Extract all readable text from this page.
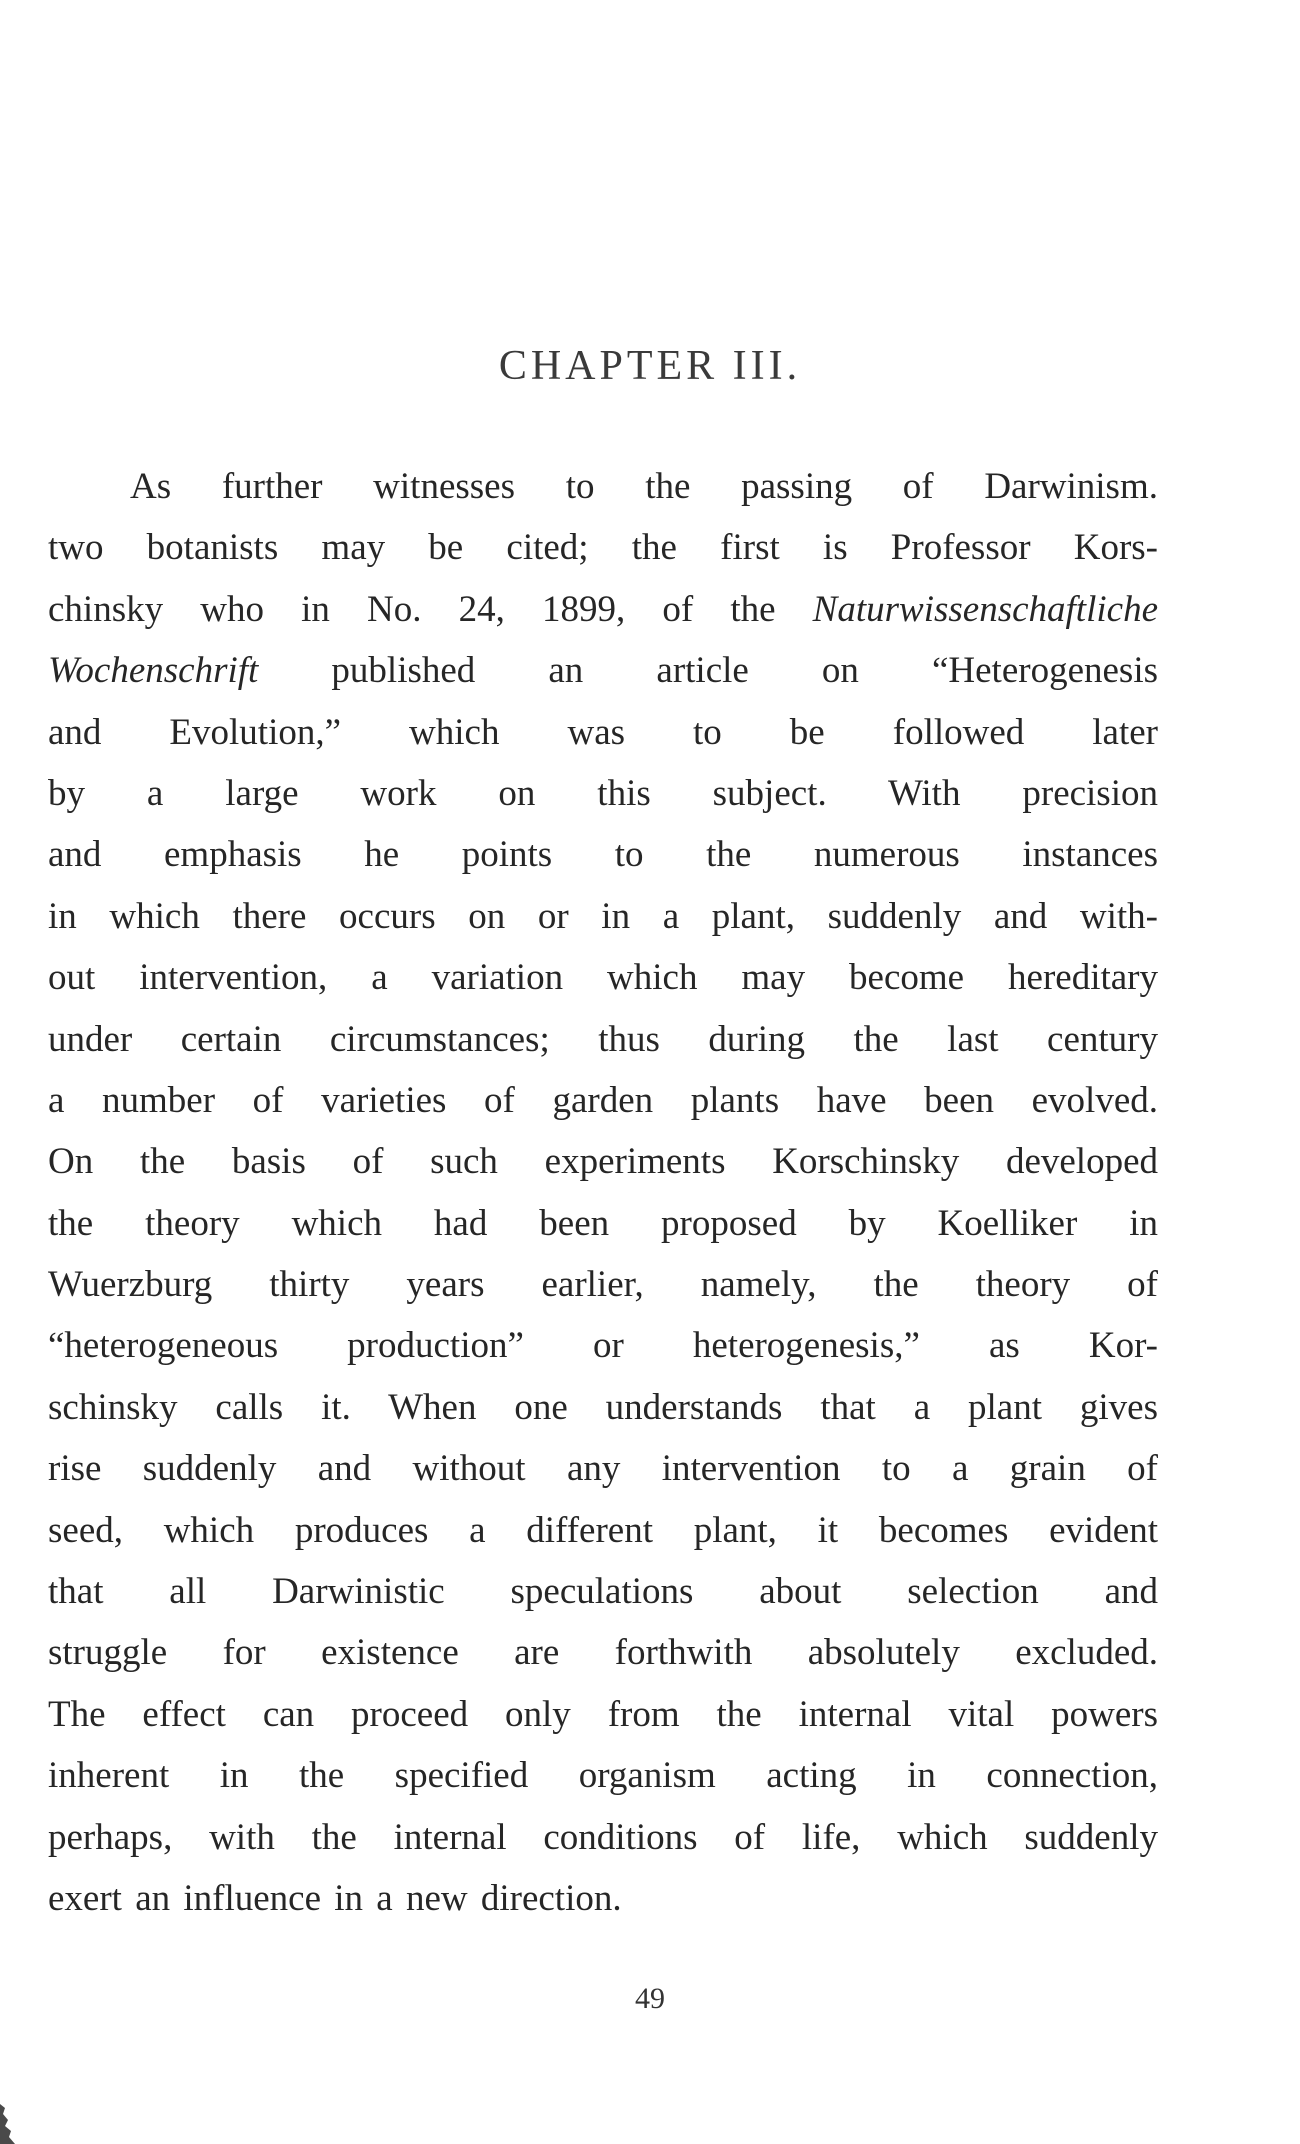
CHAPTER III.
As further witnesses to the passing of Darwinism.
two botanists may be cited; the first is Professor Kors-
chinsky who in No. 24, 1899, of the Naturwissenschaftliche
Wochenschrift published an article on “Heterogenesis
and Evolution,” which was to be followed later
by a large work on this subject. With precision
and emphasis he points to the numerous instances
in which there occurs on or in a plant, suddenly and with-
out intervention, a variation which may become hereditary
under certain circumstances; thus during the last century
a number of varieties of garden plants have been evolved.
On the basis of such experiments Korschinsky developed
the theory which had been proposed by Koelliker in
Wuerzburg thirty years earlier, namely, the theory of
“heterogeneous production” or heterogenesis,” as Kor-
schinsky calls it. When one understands that a plant gives
rise suddenly and without any intervention to a grain of
seed, which produces a different plant, it becomes evident
that all Darwinistic speculations about selection and
struggle for existence are forthwith absolutely excluded.
The effect can proceed only from the internal vital powers
inherent in the specified organism acting in connection,
perhaps, with the internal conditions of life, which suddenly
exert an influence in a new direction.
49
